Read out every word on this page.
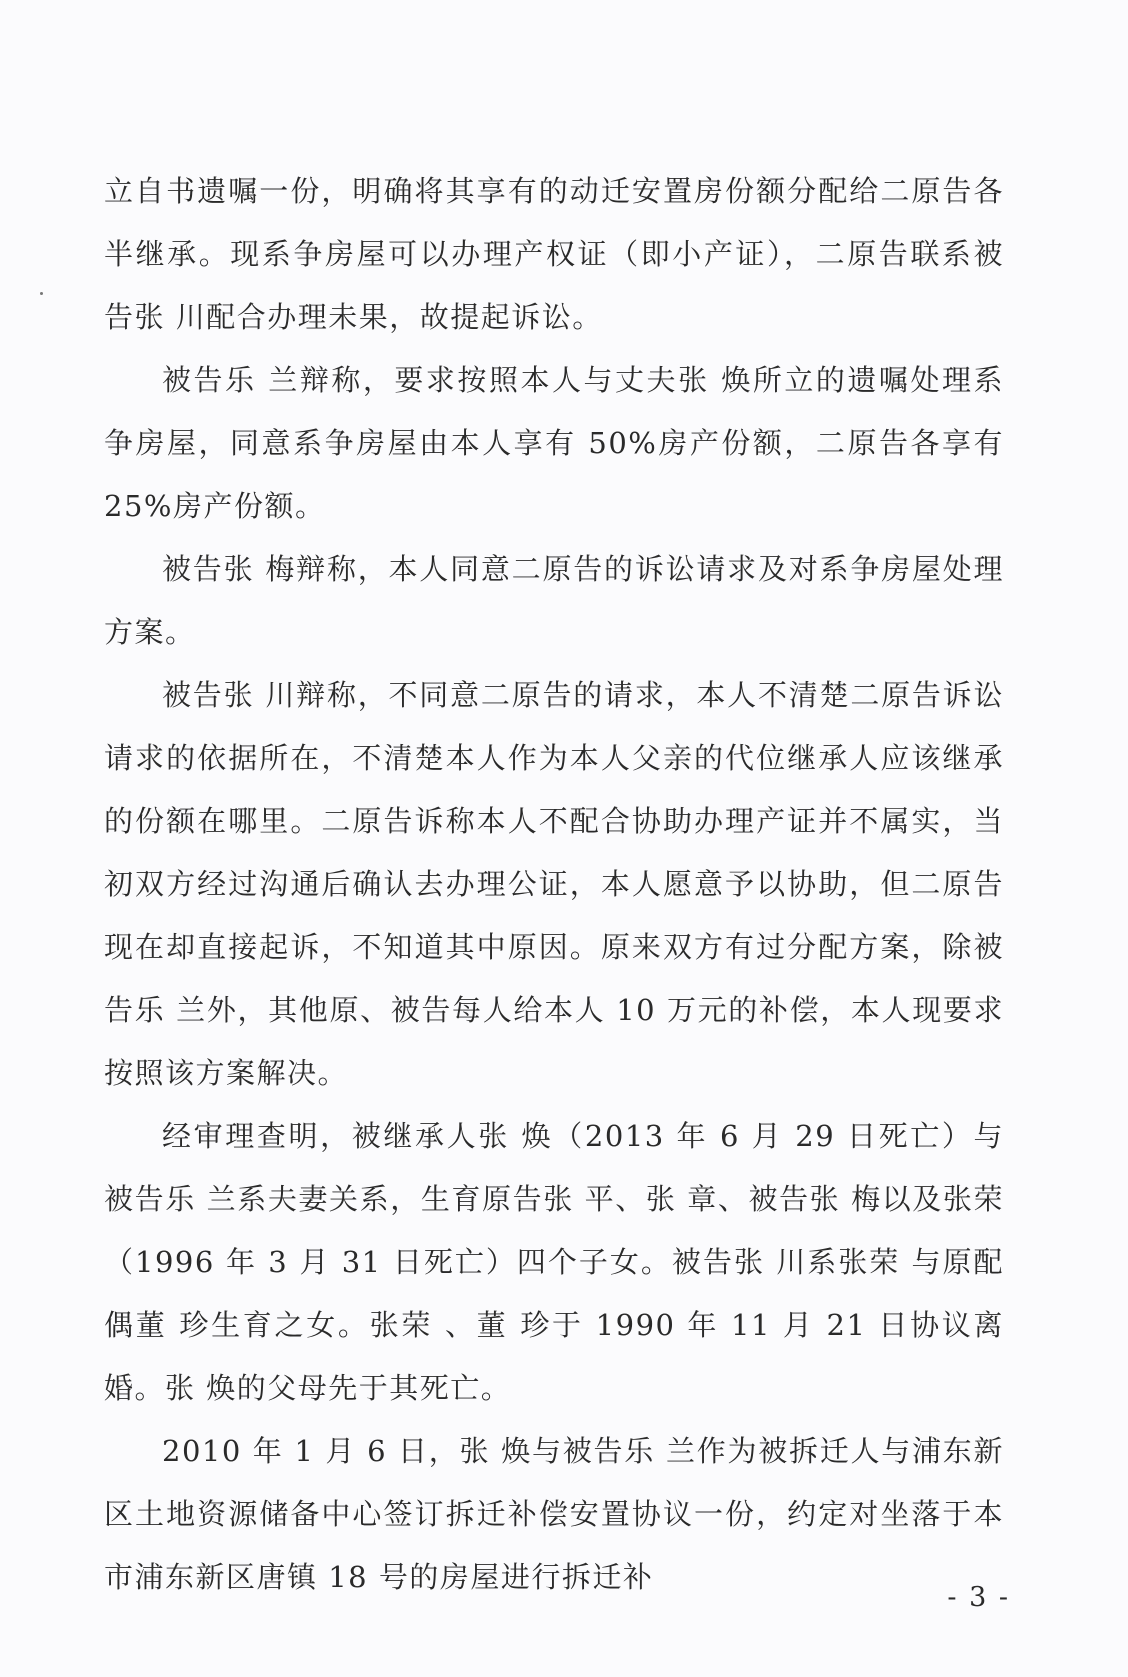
立自书遗嘱一份，明确将其享有的动迁安置房份额分配给二原告各半继承。现系争房屋可以办理产权证（即小产证），二原告联系被告张 川配合办理未果，故提起诉讼。

被告乐 兰辩称，要求按照本人与丈夫张 焕所立的遗嘱处理系争房屋，同意系争房屋由本人享有 50%房产份额，二原告各享有 25%房产份额。

被告张 梅辩称，本人同意二原告的诉讼请求及对系争房屋处理方案。

被告张 川辩称，不同意二原告的请求，本人不清楚二原告诉讼请求的依据所在，不清楚本人作为本人父亲的代位继承人应该继承的份额在哪里。二原告诉称本人不配合协助办理产证并不属实，当初双方经过沟通后确认去办理公证，本人愿意予以协助，但二原告现在却直接起诉，不知道其中原因。原来双方有过分配方案，除被告乐 兰外，其他原、被告每人给本人 10 万元的补偿，本人现要求按照该方案解决。

经审理查明，被继承人张 焕（2013 年 6 月 29 日死亡）与被告乐 兰系夫妻关系，生育原告张 平、张 章、被告张 梅以及张荣 （1996 年 3 月 31 日死亡）四个子女。被告张 川系张荣 与原配偶董 珍生育之女。张荣 、董 珍于 1990 年 11 月 21 日协议离婚。张 焕的父母先于其死亡。

2010 年 1 月 6 日，张 焕与被告乐 兰作为被拆迁人与浦东新区土地资源储备中心签订拆迁补偿安置协议一份，约定对坐落于本市浦东新区唐镇 18 号的房屋进行拆迁补

- 3 -
